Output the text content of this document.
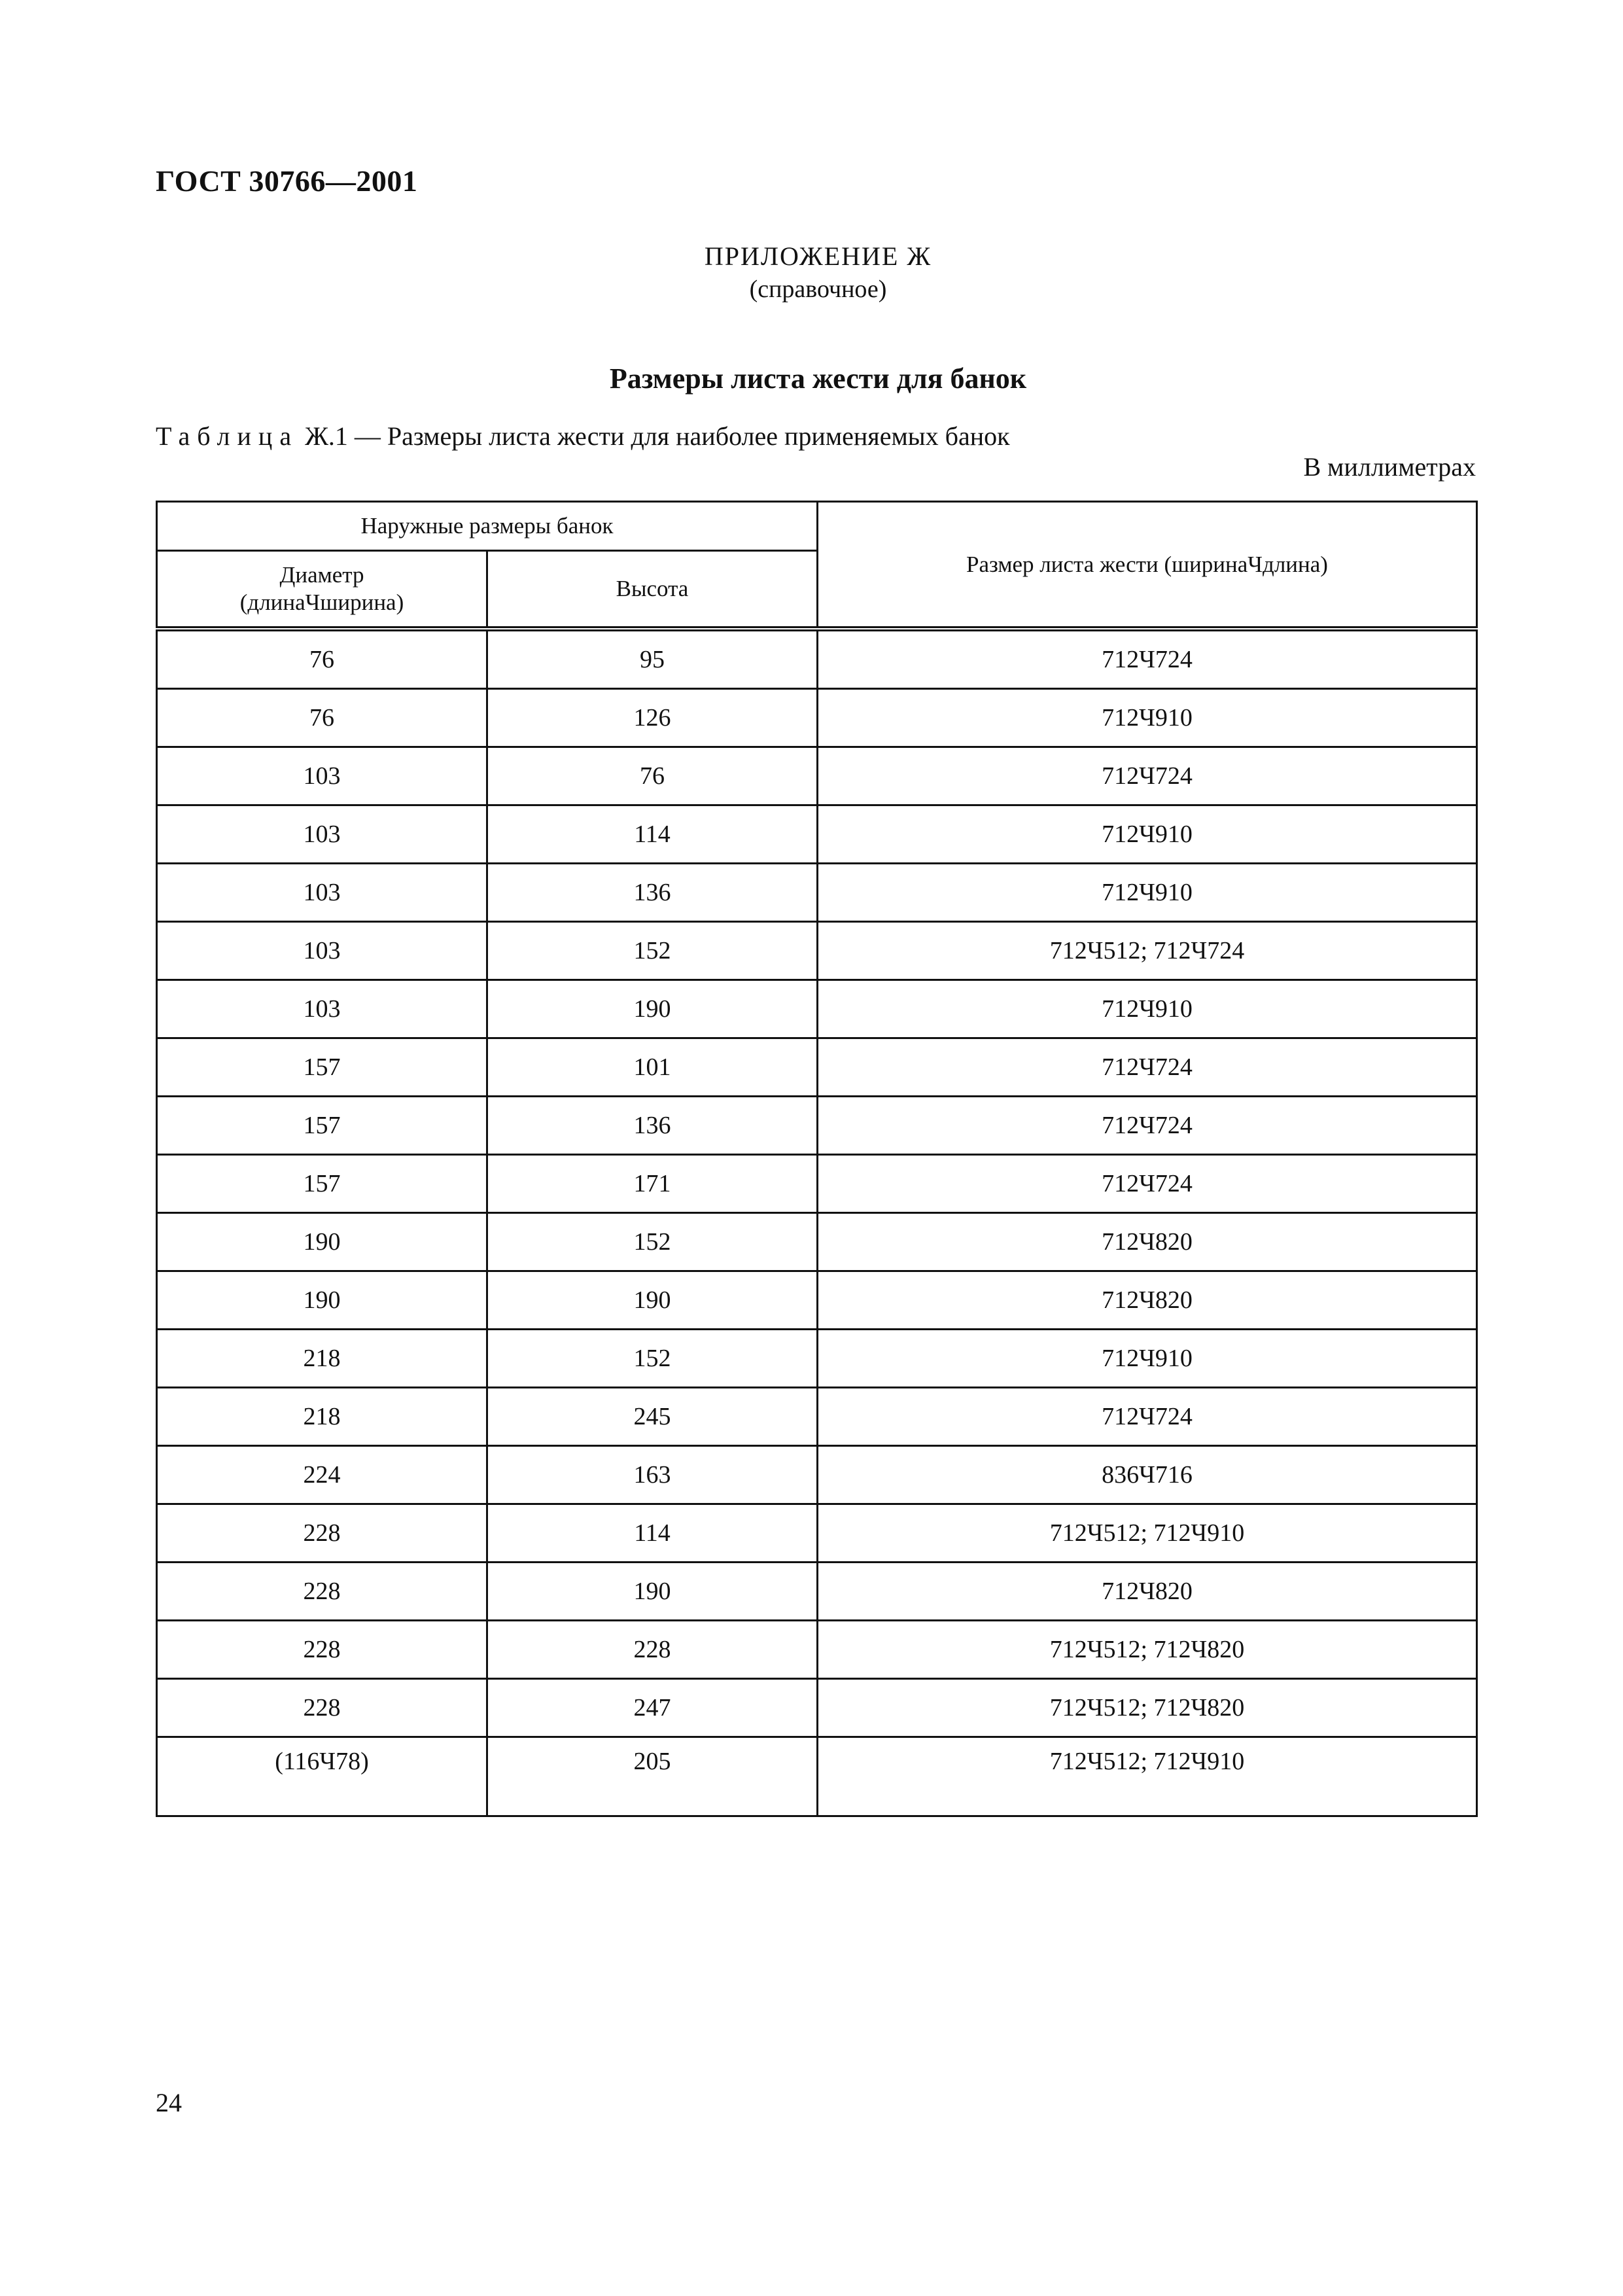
ГОСТ 30766—2001
ПРИЛОЖЕНИЕ Ж
(справочное)
Размеры листа жести для банок
Таблица Ж.1 — Размеры листа жести для наиболее применяемых банок
В миллиметрах
Наружные размеры банок		Размер листа жести (ширинаЧдлина)

Диаметр
(длинаЧширина)	Высота	
76	95	712Ч724
76	126	712Ч910
103	76	712Ч724
103	114	712Ч910
103	136	712Ч910
103	152	712Ч512; 712Ч724
103	190	712Ч910
157	101	712Ч724
157	136	712Ч724
157	171	712Ч724
190	152	712Ч820
190	190	712Ч820
218	152	712Ч910
218	245	712Ч724
224	163	836Ч716
228	114	712Ч512; 712Ч910
228	190	712Ч820
228	228	712Ч512; 712Ч820
228	247	712Ч512; 712Ч820
(116Ч78)	205	712Ч512; 712Ч910
24
